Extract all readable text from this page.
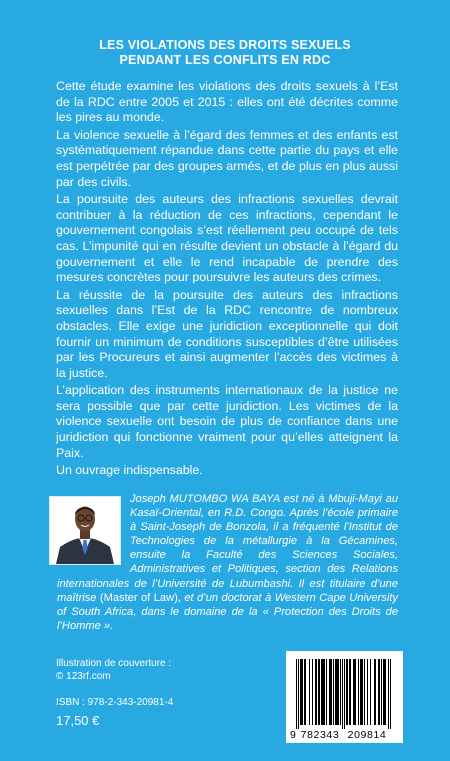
LES VIOLATIONS DES DROITS SEXUELS
PENDANT LES CONFLITS EN RDC

Cette étude examine les violations des droits sexuels à l’Est de la RDC entre 2005 et 2015 : elles ont été décrites comme les pires au monde.

La violence sexuelle à l’égard des femmes et des enfants est systématiquement répandue dans cette partie du pays et elle est perpétrée par des groupes armés, et de plus en plus aussi par des civils.

La poursuite des auteurs des infractions sexuelles devrait contribuer à la réduction de ces infractions, cependant le gouvernement congolais s’est réellement peu occupé de tels cas. L’impunité qui en résulte devient un obstacle à l’égard du gouvernement et elle le rend incapable de prendre des mesures concrètes pour poursuivre les auteurs des crimes.

La réussite de la poursuite des auteurs des infractions sexuelles dans l’Est de la RDC rencontre de nombreux obstacles. Elle exige une juridiction exceptionnelle qui doit fournir un minimum de conditions susceptibles d’être utilisées par les Procureurs et ainsi augmenter l’accès des victimes à la justice.

L’application des instruments internationaux de la justice ne sera possible que par cette juridiction. Les victimes de la violence sexuelle ont besoin de plus de confiance dans une juridiction qui fonctionne vraiment pour qu’elles atteignent la Paix.

Un ouvrage indispensable.

Joseph MUTOMBO WA BAYA est né à Mbuji-Mayi au Kasaï-Oriental, en R.D. Congo. Après l’école primaire à Saint-Joseph de Bonzola, il a fréquenté l’Institut de Technologies de la métallurgie à la Gécamines, ensuite la Faculté des Sciences Sociales, Administratives et Politiques, section des Relations internationales de l’Université de Lubumbashi. Il est titulaire d’une maîtrise (Master of Law), et d’un doctorat à Western Cape University of South Africa, dans le domaine de la « Protection des Droits de l’Homme ».

Illustration de couverture :
© 123rf.com
ISBN : 978-2-343-20981-4
17,50 €
9 782343 209814
